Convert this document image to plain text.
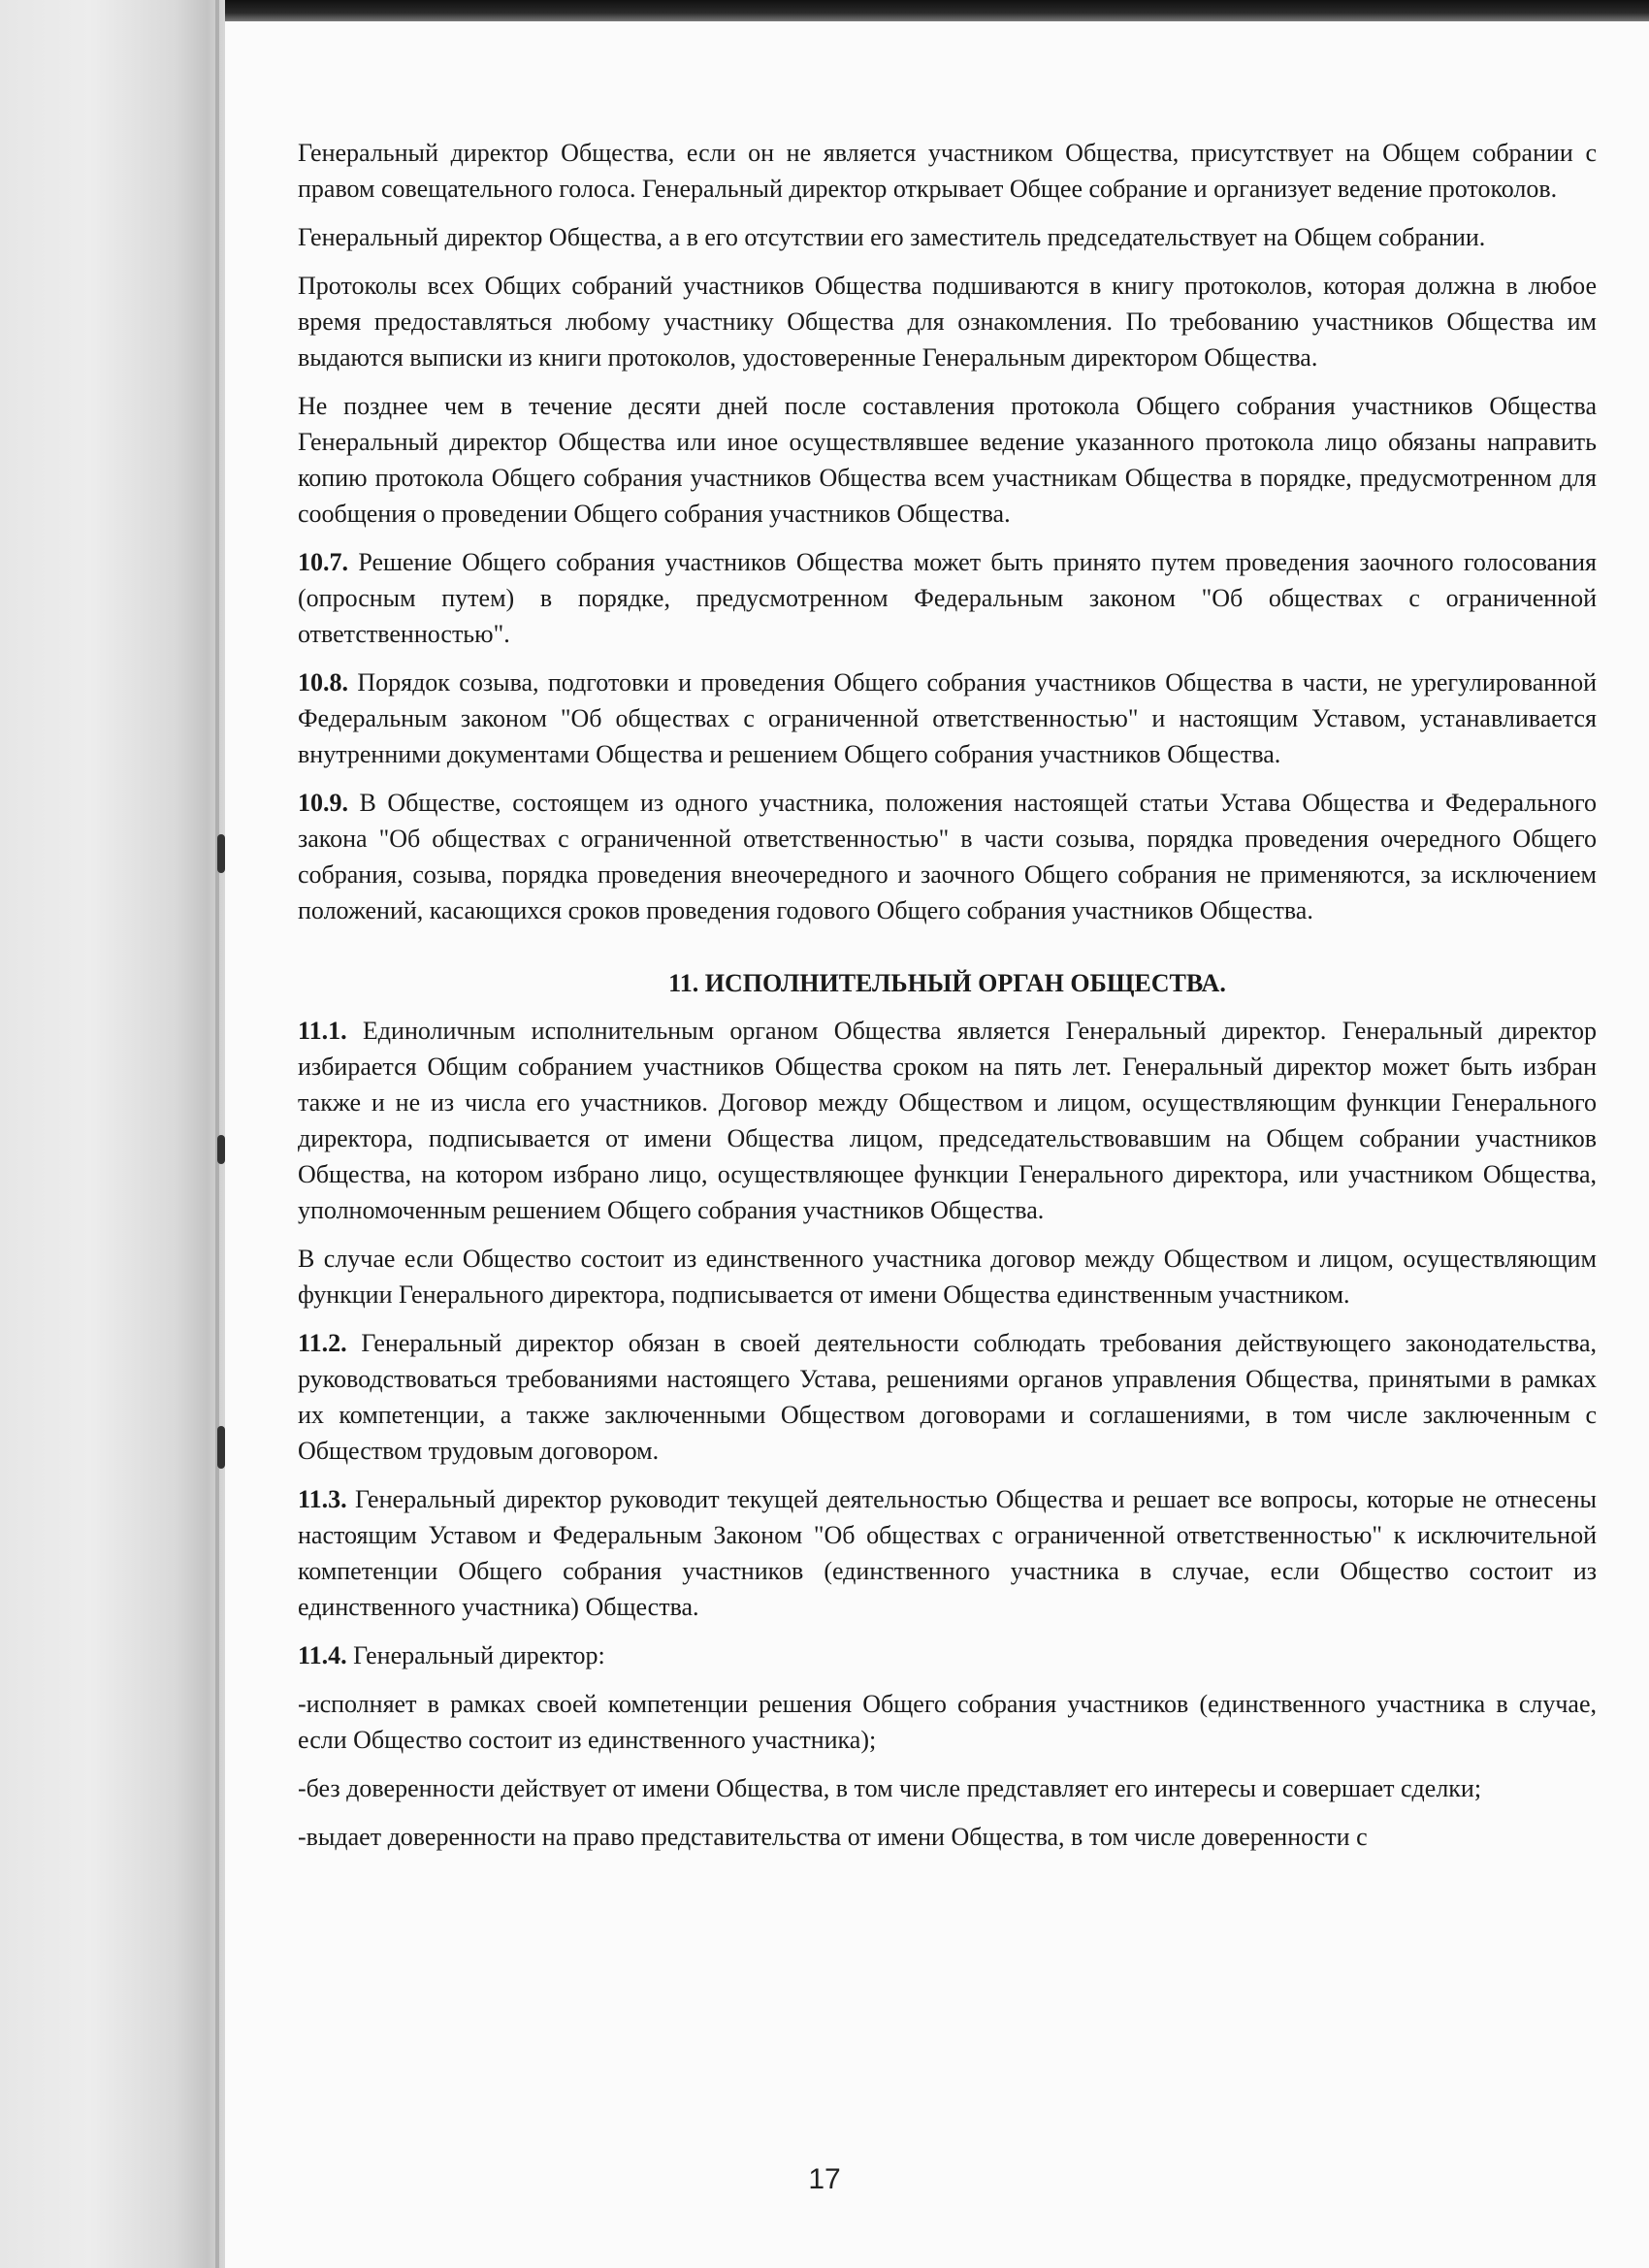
Генеральный директор Общества, если он не является участником Общества, присутствует на Общем собрании с правом совещательного голоса. Генеральный директор открывает Общее собрание и организует ведение протоколов.

Генеральный директор Общества, а в его отсутствии его заместитель председательствует на Общем собрании.

Протоколы всех Общих собраний участников Общества подшиваются в книгу протоколов, которая должна в любое время предоставляться любому участнику Общества для ознакомления. По требованию участников Общества им выдаются выписки из книги протоколов, удостоверенные Генеральным директором Общества.

Не позднее чем в течение десяти дней после составления протокола Общего собрания участников Общества Генеральный директор Общества или иное осуществлявшее ведение указанного протокола лицо обязаны направить копию протокола Общего собрания участников Общества всем участникам Общества в порядке, предусмотренном для сообщения о проведении Общего собрания участников Общества.

10.7. Решение Общего собрания участников Общества может быть принято путем проведения заочного голосования (опросным путем) в порядке, предусмотренном Федеральным законом "Об обществах с ограниченной ответственностью".

10.8. Порядок созыва, подготовки и проведения Общего собрания участников Общества в части, не урегулированной Федеральным законом "Об обществах с ограниченной ответственностью" и настоящим Уставом, устанавливается внутренними документами Общества и решением Общего собрания участников Общества.

10.9. В Обществе, состоящем из одного участника, положения настоящей статьи Устава Общества и Федерального закона "Об обществах с ограниченной ответственностью" в части созыва, порядка проведения очередного Общего собрания, созыва, порядка проведения внеочередного и заочного Общего собрания не применяются, за исключением положений, касающихся сроков проведения годового Общего собрания участников Общества.

11. ИСПОЛНИТЕЛЬНЫЙ ОРГАН ОБЩЕСТВА.

11.1. Единоличным исполнительным органом Общества является Генеральный директор. Генеральный директор избирается Общим собранием участников Общества сроком на пять лет. Генеральный директор может быть избран также и не из числа его участников. Договор между Обществом и лицом, осуществляющим функции Генерального директора, подписывается от имени Общества лицом, председательствовавшим на Общем собрании участников Общества, на котором избрано лицо, осуществляющее функции Генерального директора, или участником Общества, уполномоченным решением Общего собрания участников Общества.

В случае если Общество состоит из единственного участника договор между Обществом и лицом, осуществляющим функции Генерального директора, подписывается от имени Общества единственным участником.

11.2. Генеральный директор обязан в своей деятельности соблюдать требования действующего законодательства, руководствоваться требованиями настоящего Устава, решениями органов управления Общества, принятыми в рамках их компетенции, а также заключенными Обществом договорами и соглашениями, в том числе заключенным с Обществом трудовым договором.

11.3. Генеральный директор руководит текущей деятельностью Общества и решает все вопросы, которые не отнесены настоящим Уставом и Федеральным Законом "Об обществах с ограниченной ответственностью" к исключительной компетенции Общего собрания участников (единственного участника в случае, если Общество состоит из единственного участника) Общества.

11.4. Генеральный директор:

-исполняет в рамках своей компетенции решения Общего собрания участников (единственного участника в случае, если Общество состоит из единственного участника);

-без доверенности действует от имени Общества, в том числе представляет его интересы и совершает сделки;

-выдает доверенности на право представительства от имени Общества, в том числе доверенности с

17
